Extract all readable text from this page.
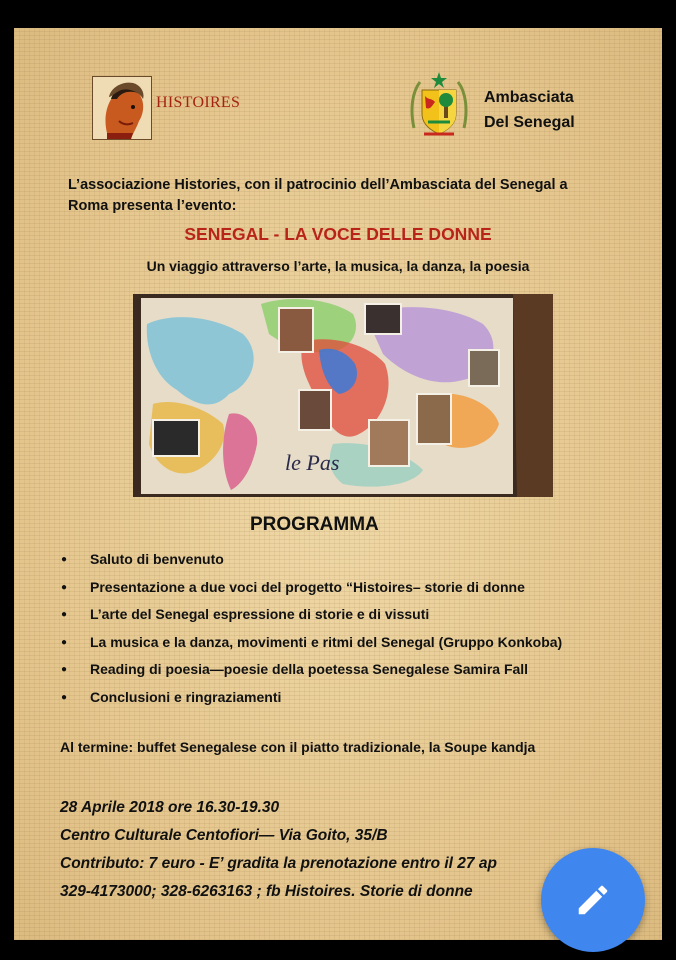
HISTOIRES	Ambasciata
Del Senegal
L’associazione Histories, con il patrocinio dell’Ambasciata del Senegal a
Roma presenta l’evento:
SENEGAL - LA VOCE DELLE DONNE
Un viaggio attraverso l’arte, la musica, la danza, la poesia
le Pas
PROGRAMMA
● Saluto di benvenuto
● Presentazione a due voci del progetto “Histoires– storie di donne
● L’arte del Senegal espressione di storie e di vissuti
● La musica e la danza, movimenti e ritmi del Senegal (Gruppo Konkoba)
● Reading di poesia—poesie della poetessa Senegalese Samira Fall
● Conclusioni e ringraziamenti
Al termine: buffet Senegalese con il piatto tradizionale, la Soupe kandja
28 Aprile 2018 ore 16.30-19.30
Centro Culturale Centofiori— Via Goito, 35/B
Contributo: 7 euro - E’ gradita la prenotazione entro il 27 ap
329-4173000; 328-6263163 ; fb Histoires. Storie di donne
